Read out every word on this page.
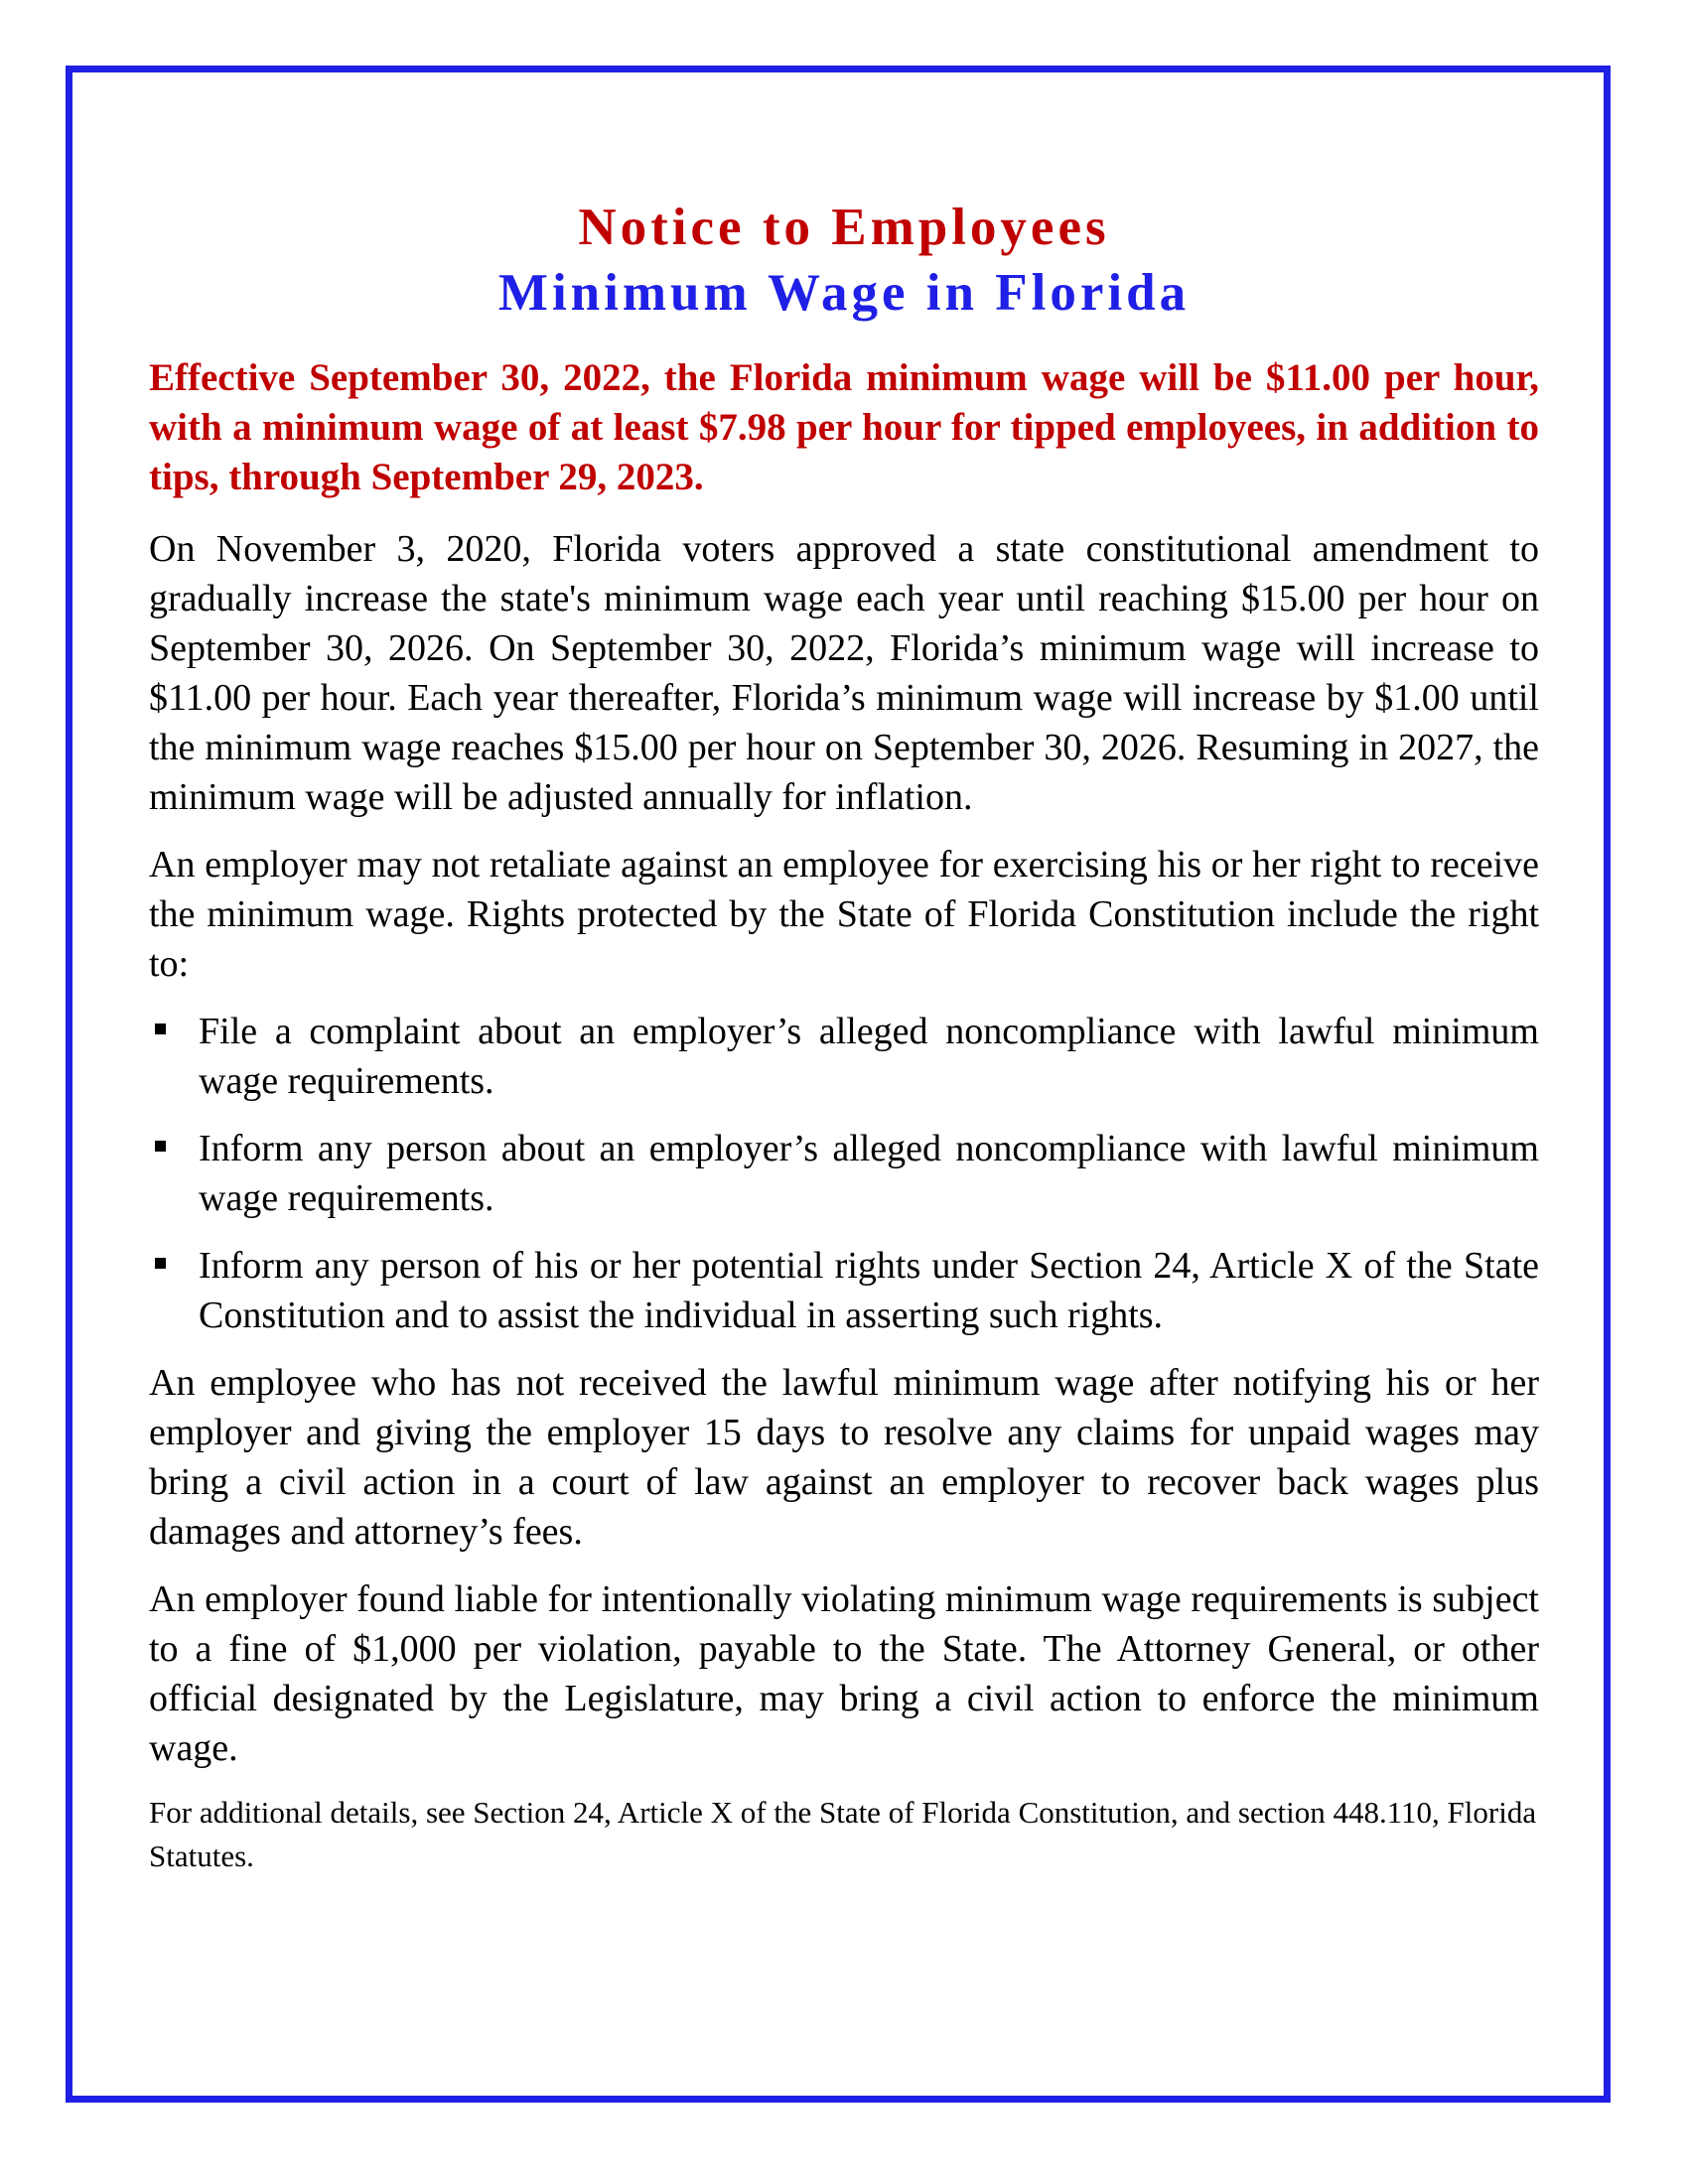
Notice to Employees
Minimum Wage in Florida

Effective September 30, 2022, the Florida minimum wage will be $11.00 per hour, with a minimum wage of at least $7.98 per hour for tipped employees, in addition to tips, through September 29, 2023.

On November 3, 2020, Florida voters approved a state constitutional amendment to gradually increase the state's minimum wage each year until reaching $15.00 per hour on September 30, 2026. On September 30, 2022, Florida’s minimum wage will increase to $11.00 per hour. Each year thereafter, Florida’s minimum wage will increase by $1.00 until the minimum wage reaches $15.00 per hour on September 30, 2026. Resuming in 2027, the minimum wage will be adjusted annually for inflation.

An employer may not retaliate against an employee for exercising his or her right to receive the minimum wage. Rights protected by the State of Florida Constitution include the right to:

File a complaint about an employer’s alleged noncompliance with lawful minimum wage requirements.
Inform any person about an employer’s alleged noncompliance with lawful minimum wage requirements.
Inform any person of his or her potential rights under Section 24, Article X of the State Constitution and to assist the individual in asserting such rights.

An employee who has not received the lawful minimum wage after notifying his or her employer and giving the employer 15 days to resolve any claims for unpaid wages may bring a civil action in a court of law against an employer to recover back wages plus damages and attorney’s fees.

An employer found liable for intentionally violating minimum wage requirements is subject to a fine of $1,000 per violation, payable to the State. The Attorney General, or other official designated by the Legislature, may bring a civil action to enforce the minimum wage.

For additional details, see Section 24, Article X of the State of Florida Constitution, and section 448.110, Florida Statutes.
